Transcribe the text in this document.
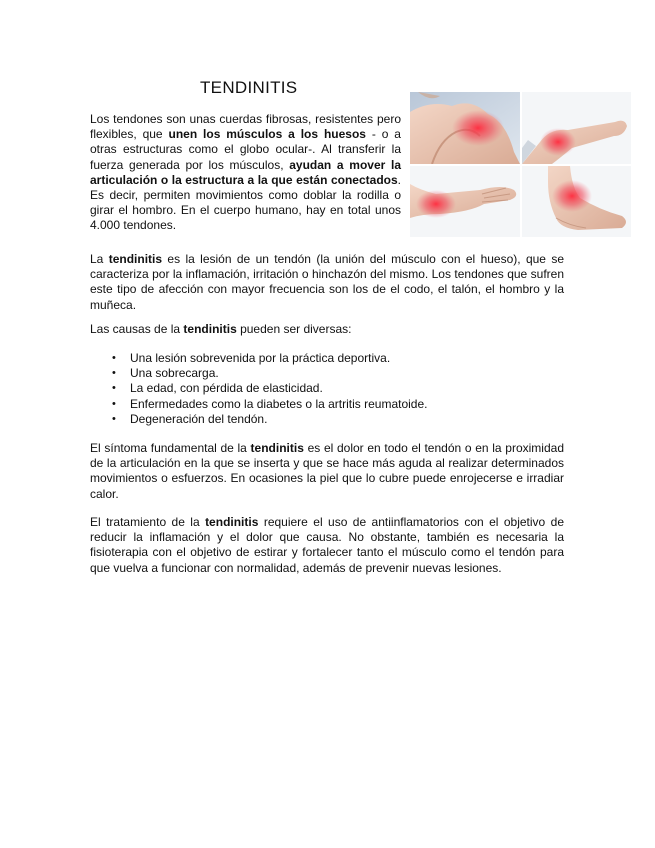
TENDINITIS

Los tendones son unas cuerdas fibrosas, resistentes pero flexibles, que unen los músculos a los huesos - o a otras estructuras como el globo ocular-. Al transferir la fuerza generada por los músculos, ayudan a mover la articulación o la estructura a la que están conectados. Es decir, permiten movimientos como doblar la rodilla o girar el hombro. En el cuerpo humano, hay en total unos 4.000 tendones.

La tendinitis es la lesión de un tendón (la unión del músculo con el hueso), que se caracteriza por la inflamación, irritación o hinchazón del mismo. Los tendones que sufren este tipo de afección con mayor frecuencia son los de el codo, el talón, el hombro y la muñeca.

Las causas de la tendinitis pueden ser diversas:

• Una lesión sobrevenida por la práctica deportiva.
• Una sobrecarga.
• La edad, con pérdida de elasticidad.
• Enfermedades como la diabetes o la artritis reumatoide.
• Degeneración del tendón.

El síntoma fundamental de la tendinitis es el dolor en todo el tendón o en la proximidad de la articulación en la que se inserta y que se hace más aguda al realizar determinados movimientos o esfuerzos. En ocasiones la piel que lo cubre puede enrojecerse e irradiar calor.

El tratamiento de la tendinitis requiere el uso de antiinflamatorios con el objetivo de reducir la inflamación y el dolor que causa. No obstante, también es necesaria la fisioterapia con el objetivo de estirar y fortalecer tanto el músculo como el tendón para que vuelva a funcionar con normalidad, además de prevenir nuevas lesiones.
